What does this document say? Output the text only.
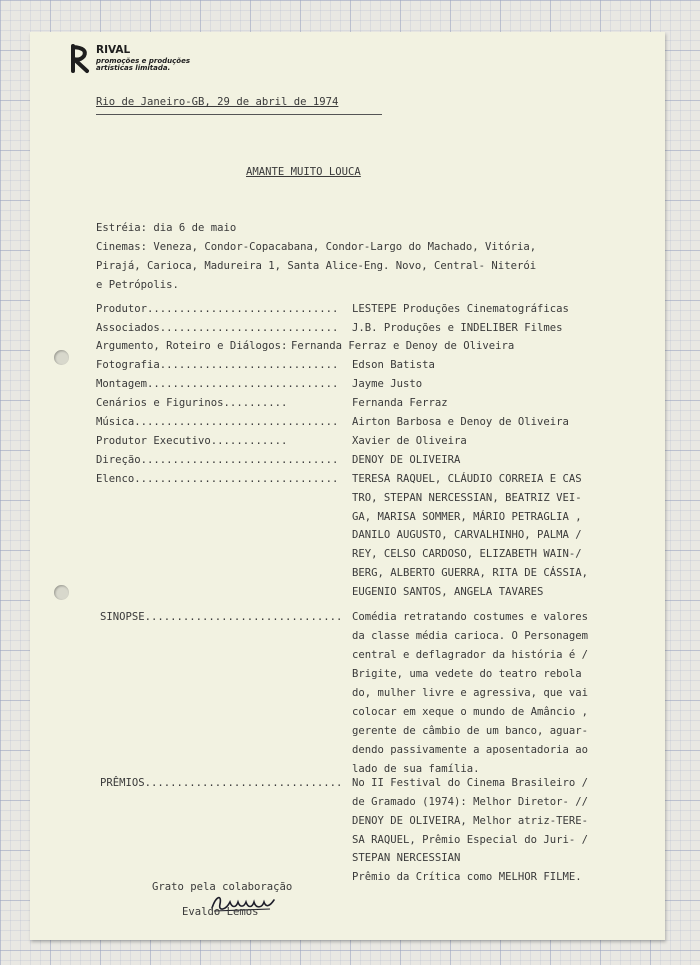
RIVAL
promoções e produções
artísticas limitada.
Rio de Janeiro-GB, 29 de abril de 1974
AMANTE MUITO LOUCA
Estréia: dia 6 de maio
Cinemas: Veneza, Condor-Copacabana, Condor-Largo do Machado, Vitória,
Pirajá, Carioca, Madureira 1, Santa Alice-Eng. Novo, Central- Niterói
e Petrópolis.
Produtor.............................. LESTEPE Produções Cinematográficas
Associados............................ J.B. Produções e INDELIBER Filmes
Argumento, Roteiro e Diálogos: Fernanda Ferraz e Denoy de Oliveira
Fotografia............................ Edson Batista
Montagem.............................. Jayme Justo
Cenários e Figurinos..........	Fernanda Ferraz
Música................................ Airton Barbosa e Denoy de Oliveira
Produtor Executivo............	Xavier de Oliveira
Direção............................... DENOY DE OLIVEIRA
Elenco................................ TERESA RAQUEL, CLÁUDIO CORREIA E CAS
TRO, STEPAN NERCESSIAN, BEATRIZ VEI-
GA, MARISA SOMMER, MÁRIO PETRAGLIA ,
DANILO AUGUSTO, CARVALHINHO, PALMA /
REY, CELSO CARDOSO, ELIZABETH WAIN-/
BERG, ALBERTO GUERRA, RITA DE CÁSSIA,
EUGENIO SANTOS, ANGELA TAVARES
SINOPSE............................... Comédia retratando costumes e valores
da classe média carioca. O Personagem
central e deflagrador da história é /
Brigite, uma vedete do teatro rebola
do, mulher livre e agressiva, que vai
colocar em xeque o mundo de Amâncio ,
gerente de câmbio de um banco, aguar-
dendo passivamente a aposentadoria ao
lado de sua família.
PRÊMIOS............................... No II Festival do Cinema Brasileiro /
de Gramado (1974): Melhor Diretor- //
DENOY DE OLIVEIRA, Melhor atriz-TERE-
SA RAQUEL, Prêmio Especial do Juri- /
STEPAN NERCESSIAN
Prêmio da Crítica como MELHOR FILME.
Grato pela colaboração
Evaldo Lemos
